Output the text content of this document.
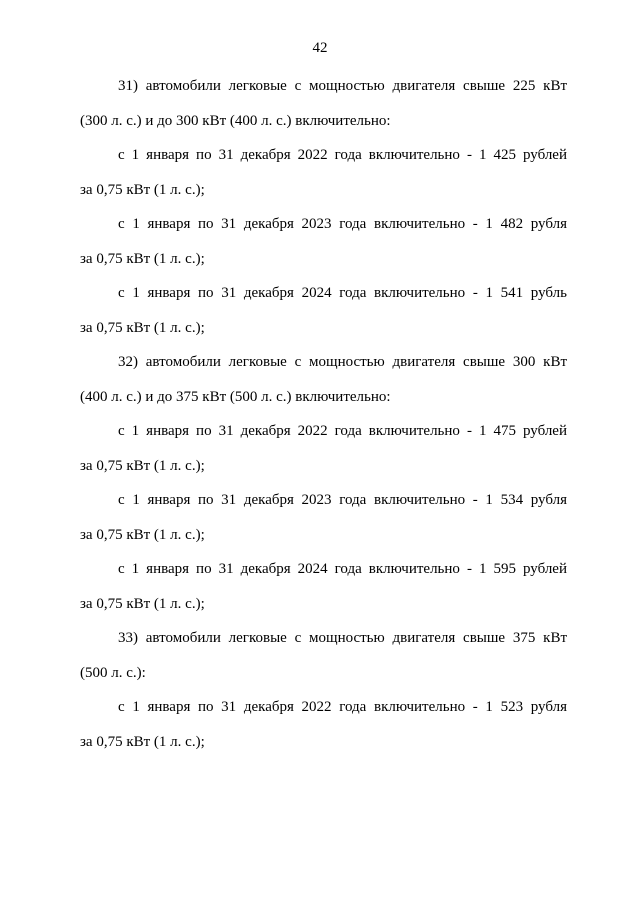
42

31) автомобили легковые с мощностью двигателя свыше 225 кВт
(300 л. с.) и до 300 кВт (400 л. с.) включительно:

с 1 января по 31 декабря 2022 года включительно - 1 425 рублей
за 0,75 кВт (1 л. с.);

с 1 января по 31 декабря 2023 года включительно - 1 482 рубля
за 0,75 кВт (1 л. с.);

с 1 января по 31 декабря 2024 года включительно - 1 541 рубль
за 0,75 кВт (1 л. с.);

32) автомобили легковые с мощностью двигателя свыше 300 кВт
(400 л. с.) и до 375 кВт (500 л. с.) включительно:

с 1 января по 31 декабря 2022 года включительно - 1 475 рублей
за 0,75 кВт (1 л. с.);

с 1 января по 31 декабря 2023 года включительно - 1 534 рубля
за 0,75 кВт (1 л. с.);

с 1 января по 31 декабря 2024 года включительно - 1 595 рублей
за 0,75 кВт (1 л. с.);

33) автомобили легковые с мощностью двигателя свыше 375 кВт
(500 л. с.):

с 1 января по 31 декабря 2022 года включительно - 1 523 рубля
за 0,75 кВт (1 л. с.);
